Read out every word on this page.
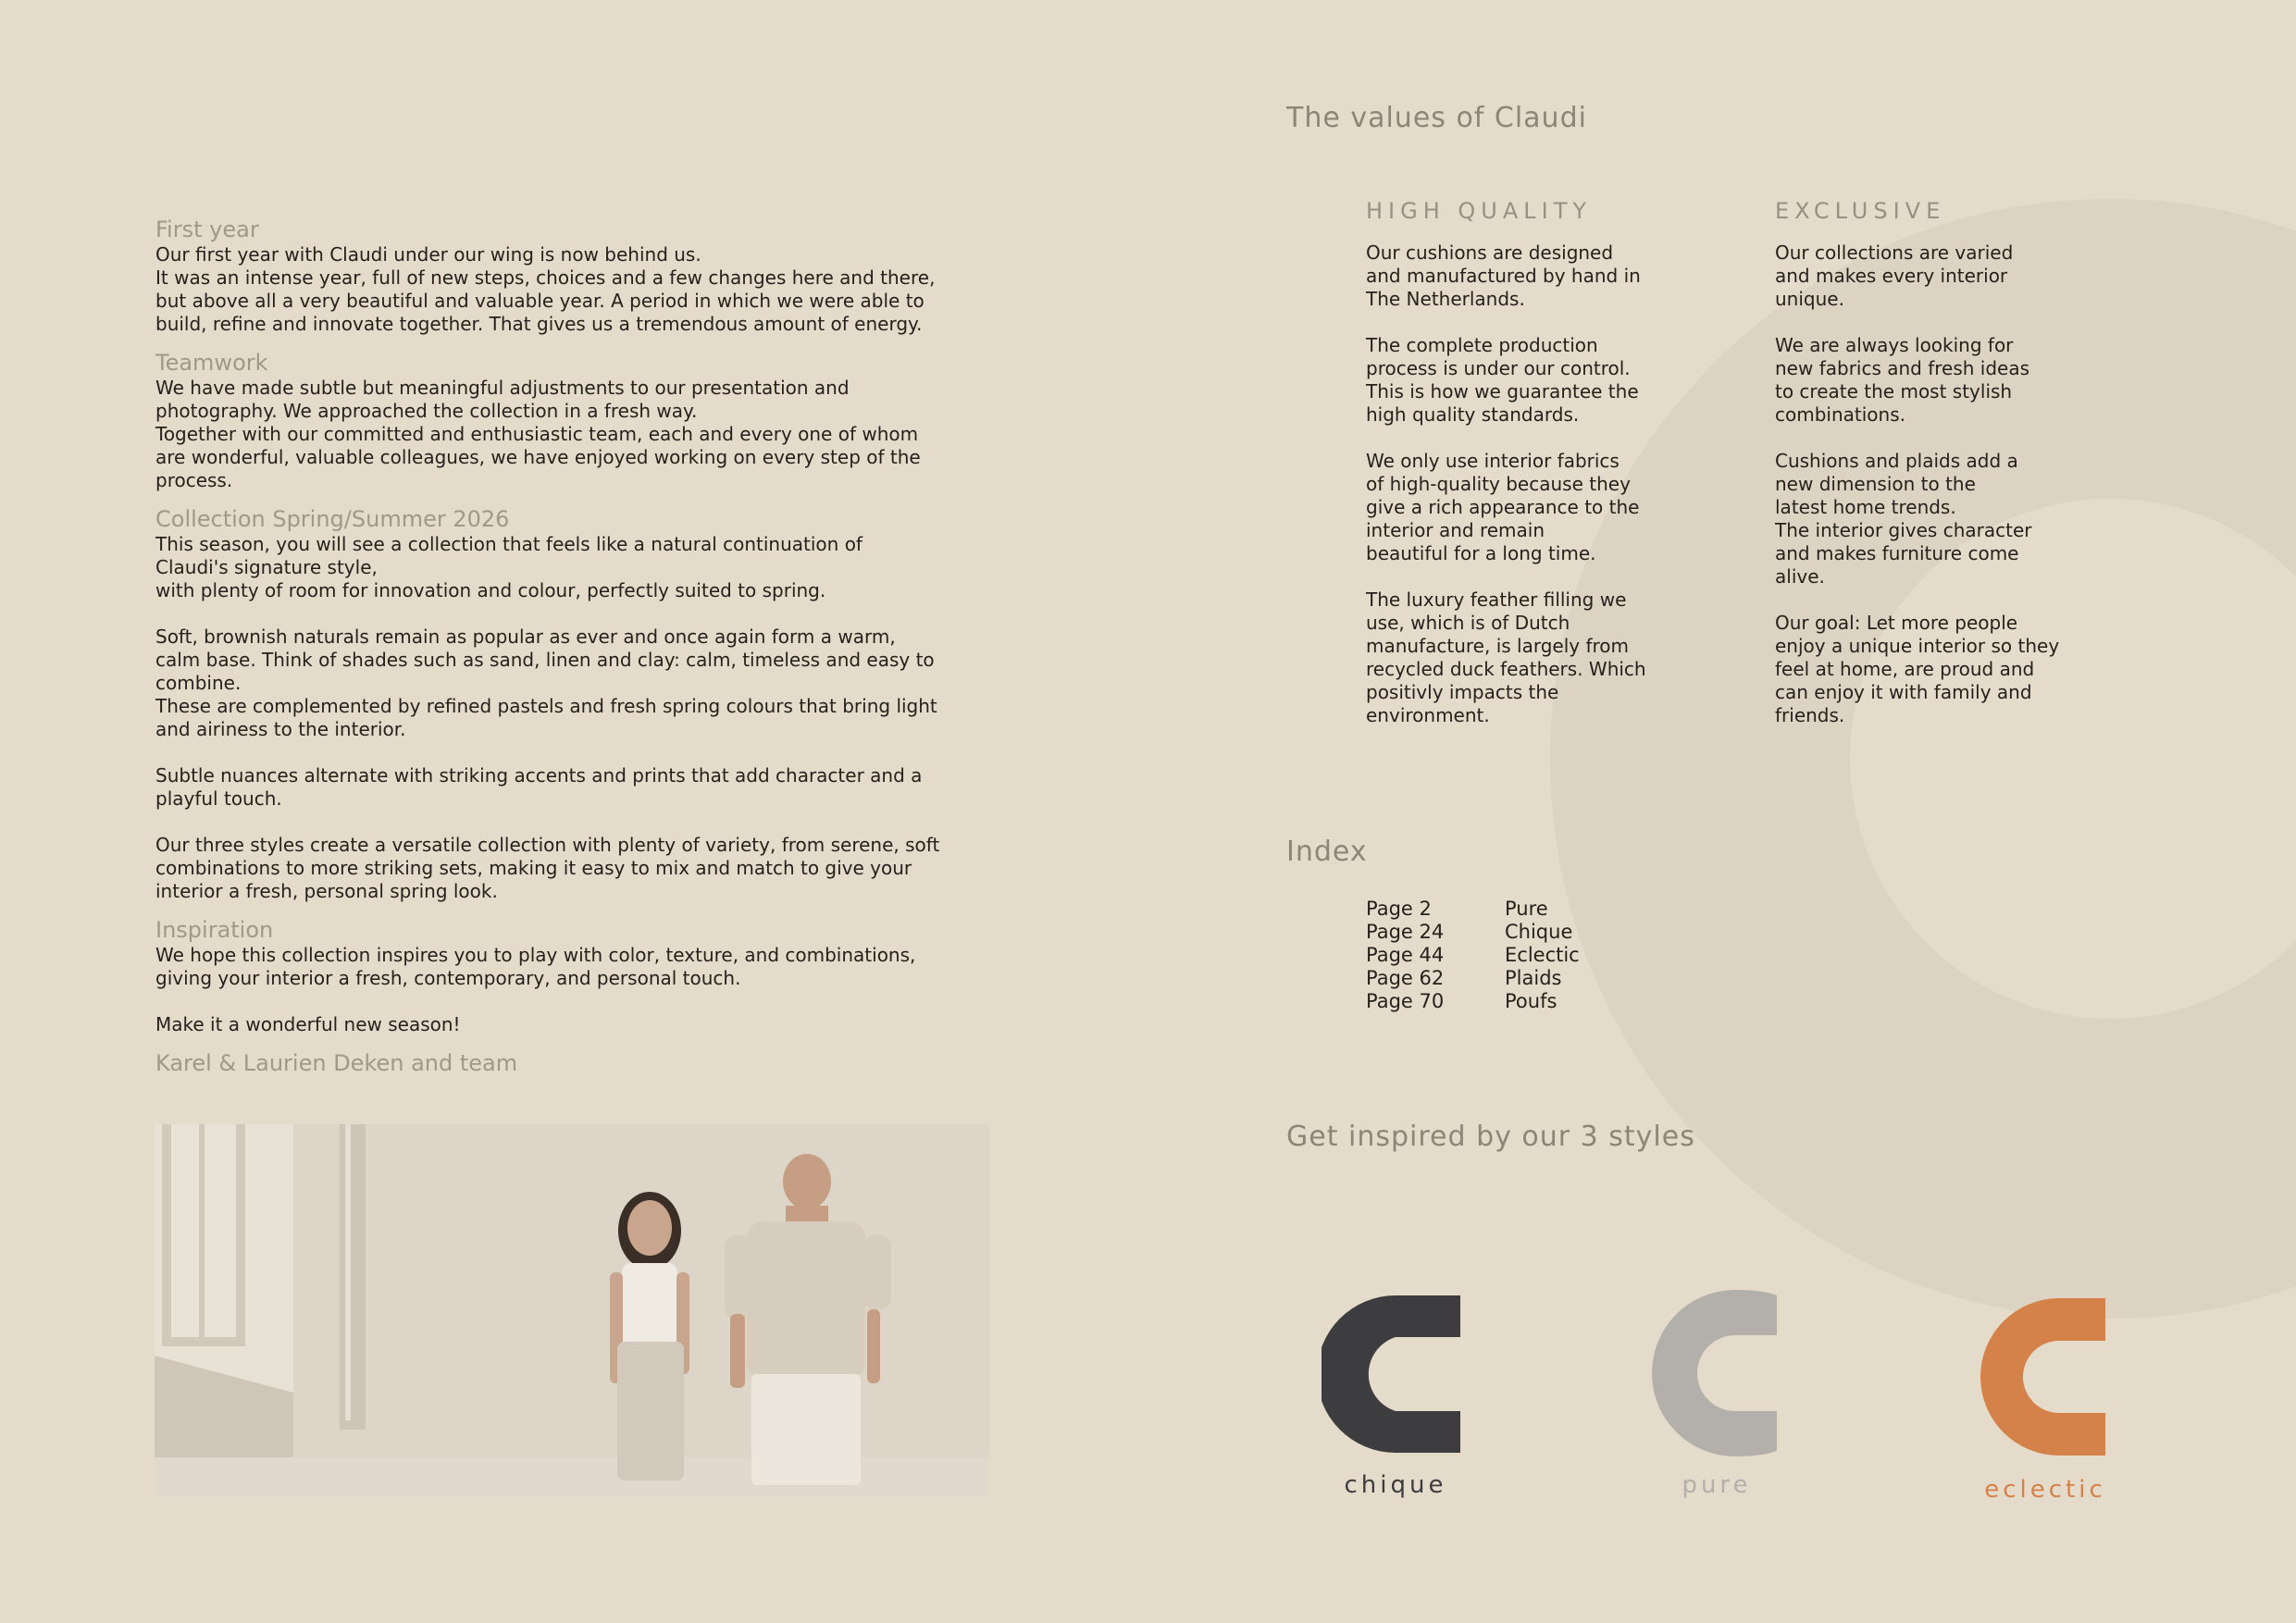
First year

Our first year with Claudi under our wing is now behind us.
It was an intense year, full of new steps, choices and a few changes here and there,
but above all a very beautiful and valuable year. A period in which we were able to
build, refine and innovate together. That gives us a tremendous amount of energy.

Teamwork

We have made subtle but meaningful adjustments to our presentation and
photography. We approached the collection in a fresh way.
Together with our committed and enthusiastic team, each and every one of whom
are wonderful, valuable colleagues, we have enjoyed working on every step of the
process.

Collection Spring/Summer 2026

This season, you will see a collection that feels like a natural continuation of
Claudi's signature style,
with plenty of room for innovation and colour, perfectly suited to spring.

Soft, brownish naturals remain as popular as ever and once again form a warm,
calm base. Think of shades such as sand, linen and clay: calm, timeless and easy to
combine.
These are complemented by refined pastels and fresh spring colours that bring light
and airiness to the interior.

Subtle nuances alternate with striking accents and prints that add character and a
playful touch.

Our three styles create a versatile collection with plenty of variety, from serene, soft
combinations to more striking sets, making it easy to mix and match to give your
interior a fresh, personal spring look.

Inspiration

We hope this collection inspires you to play with color, texture, and combinations,
giving your interior a fresh, contemporary, and personal touch.

Make it a wonderful new season!

Karel & Laurien Deken and team
The values of Claudi
HIGH QUALITY
Our cushions are designed
and manufactured by hand in
The Netherlands.

The complete production
process is under our control.
This is how we guarantee the
high quality standards.

We only use interior fabrics
of high-quality because they
give a rich appearance to the
interior and remain
beautiful for a long time.

The luxury feather filling we
use, which is of Dutch
manufacture, is largely from
recycled duck feathers. Which
positivly impacts the
environment.
EXCLUSIVE
Our collections are varied
and makes every interior
unique.

We are always looking for
new fabrics and fresh ideas
to create the most stylish
combinations.

Cushions and plaids add a
new dimension to the
latest home trends.
The interior gives character
and makes furniture come
alive.

Our goal: Let more people
enjoy a unique interior so they
feel at home, are proud and
can enjoy it with family and
friends.
Index
Page 2	Pure
Page 24	Chique
Page 44	Eclectic
Page 62	Plaids
Page 70	Poufs
Get inspired by our 3 styles
chique	pure	eclectic
